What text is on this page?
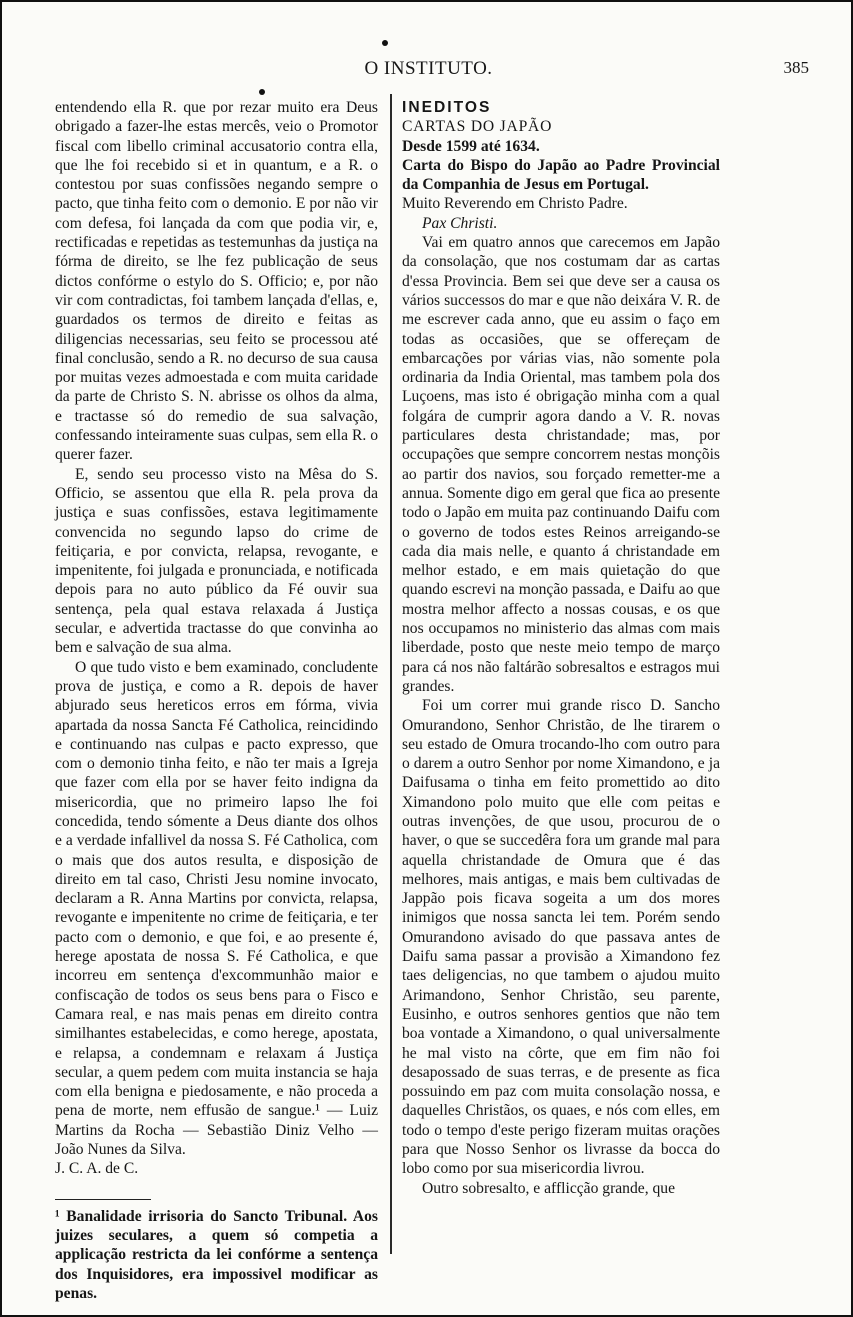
O INSTITUTO.	385

entendendo ella R. que por rezar muito era Deus obrigado a fazer-lhe estas mercês, veio o Promotor fiscal com libello criminal accusatorio contra ella, que lhe foi recebido si et in quantum, e a R. o contestou por suas confissões negando sempre o pacto, que tinha feito com o demonio. E por não vir com defesa, foi lançada da com que podia vir, e, rectificadas e repetidas as testemunhas da justiça na fórma de direito, se lhe fez publicação de seus dictos confórme o estylo do S. Officio; e, por não vir com contradictas, foi tambem lançada d'ellas, e, guardados os termos de direito e feitas as diligencias necessarias, seu feito se processou até final conclusão, sendo a R. no decurso de sua causa por muitas vezes admoestada e com muita caridade da parte de Christo S. N. abrisse os olhos da alma, e tractasse só do remedio de sua salvação, confessando inteiramente suas culpas, sem ella R. o querer fazer.

E, sendo seu processo visto na Mêsa do S. Officio, se assentou que ella R. pela prova da justiça e suas confissões, estava legitimamente convencida no segundo lapso do crime de feitiçaria, e por convicta, relapsa, revogante, e impenitente, foi julgada e pronunciada, e notificada depois para no auto público da Fé ouvir sua sentença, pela qual estava relaxada á Justiça secular, e advertida tractasse do que convinha ao bem e salvação de sua alma.

O que tudo visto e bem examinado, concludente prova de justiça, e como a R. depois de haver abjurado seus hereticos erros em fórma, vivia apartada da nossa Sancta Fé Catholica, reincidindo e continuando nas culpas e pacto expresso, que com o demonio tinha feito, e não ter mais a Igreja que fazer com ella por se haver feito indigna da misericordia, que no primeiro lapso lhe foi concedida, tendo sómente a Deus diante dos olhos e a verdade infallivel da nossa S. Fé Catholica, com o mais que dos autos resulta, e disposição de direito em tal caso, Christi Jesu nomine invocato, declaram a R. Anna Martins por convicta, relapsa, revogante e impenitente no crime de feitiçaria, e ter pacto com o demonio, e que foi, e ao presente é, herege apostata de nossa S. Fé Catholica, e que incorreu em sentença d'excommunhão maior e confiscação de todos os seus bens para o Fisco e Camara real, e nas mais penas em direito contra similhantes estabelecidas, e como herege, apostata, e relapsa, a condemnam e relaxam á Justiça secular, a quem pedem com muita instancia se haja com ella benigna e piedosamente, e não proceda a pena de morte, nem effusão de sangue.¹ — Luiz Martins da Rocha — Sebastião Diniz Velho — João Nunes da Silva.

J. C. A. de C.

¹ Banalidade irrisoria do Sancto Tribunal. Aos juizes seculares, a quem só competia a applicação restricta da lei confórme a sentença dos Inquisidores, era impossivel modificar as penas.

INEDITOS

CARTAS DO JAPÃO

Desde 1599 até 1634.

Carta do Bispo do Japão ao Padre Provincial da Companhia de Jesus em Portugal.

Muito Reverendo em Christo Padre.

Pax Christi.

Vai em quatro annos que carecemos em Japão da consolação, que nos costumam dar as cartas d'essa Provincia. Bem sei que deve ser a causa os vários successos do mar e que não deixára V. R. de me escrever cada anno, que eu assim o faço em todas as occasiões, que se offereçam de embarcações por várias vias, não somente pola ordinaria da India Oriental, mas tambem pola dos Luçoens, mas isto é obrigação minha com a qual folgára de cumprir agora dando a V. R. novas particulares desta christandade; mas, por occupações que sempre concorrem nestas monçõis ao partir dos navios, sou forçado remetter-me a annua. Somente digo em geral que fica ao presente todo o Japão em muita paz continuando Daifu com o governo de todos estes Reinos arreigando-se cada dia mais nelle, e quanto á christandade em melhor estado, e em mais quietação do que quando escrevi na monção passada, e Daifu ao que mostra melhor affecto a nossas cousas, e os que nos occupamos no ministerio das almas com mais liberdade, posto que neste meio tempo de março para cá nos não faltárão sobresaltos e estragos mui grandes.

Foi um correr mui grande risco D. Sancho Omurandono, Senhor Christão, de lhe tirarem o seu estado de Omura trocando-lho com outro para o darem a outro Senhor por nome Ximandono, e ja Daifusama o tinha em feito promettido ao dito Ximandono polo muito que elle com peitas e outras invenções, de que usou, procurou de o haver, o que se succedêra fora um grande mal para aquella christandade de Omura que é das melhores, mais antigas, e mais bem cultivadas de Jappão pois ficava sogeita a um dos mores inimigos que nossa sancta lei tem. Porém sendo Omurandono avisado do que passava antes de Daifu sama passar a provisão a Ximandono fez taes deligencias, no que tambem o ajudou muito Arimandono, Senhor Christão, seu parente, Eusinho, e outros senhores gentios que não tem boa vontade a Ximandono, o qual universalmente he mal visto na côrte, que em fim não foi desapossado de suas terras, e de presente as fica possuindo em paz com muita consolação nossa, e daquelles Christãos, os quaes, e nós com elles, em todo o tempo d'este perigo fizeram muitas orações para que Nosso Senhor os livrasse da bocca do lobo como por sua misericordia livrou.

Outro sobresalto, e afflicção grande, que
